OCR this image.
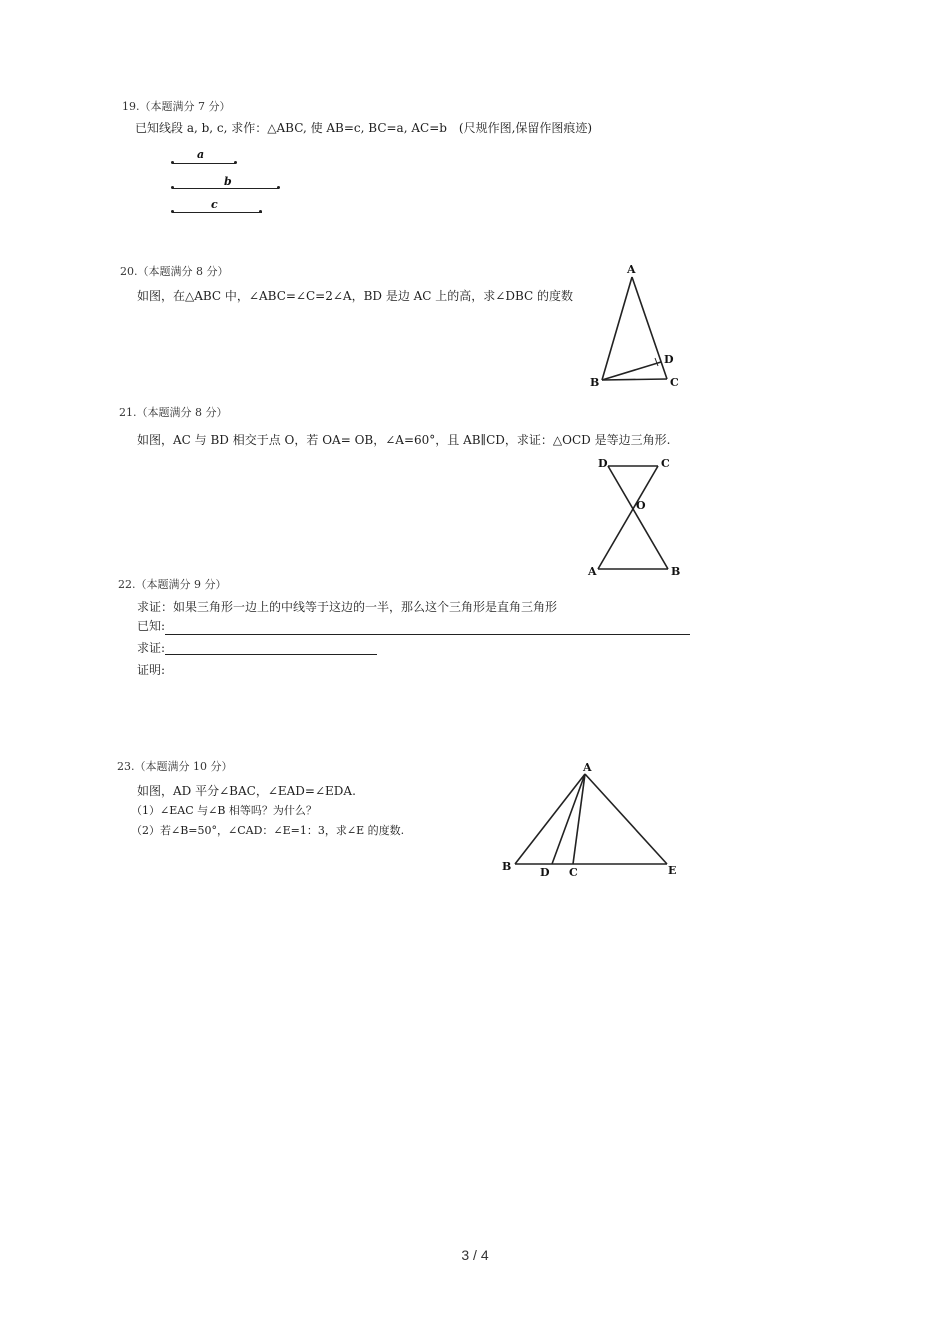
19.（本题满分 7 分）
已知线段 a, b, c, 求作：△ABC, 使 AB=c, BC=a, AC=b　(尺规作图,保留作图痕迹)
a
b
c
20.（本题满分 8 分）
如图，在△ABC 中，∠ABC=∠C=2∠A，BD 是边 AC 上的高，求∠DBC 的度数
A
B	C
D
21.（本题满分 8 分）
如图，AC 与 BD 相交于点 O，若 OA= OB，∠A=60°，且 AB∥CD，求证：△OCD 是等边三角形.
D	C
O
A	B
22.（本题满分 9 分）
求证：如果三角形一边上的中线等于这边的一半，那么这个三角形是直角三角形
已知:
求证:
证明:
23.（本题满分 10 分）
如图，AD 平分∠BAC，∠EAD=∠EDA.
（1）∠EAC 与∠B 相等吗？为什么？
（2）若∠B=50°，∠CAD：∠E=1：3，求∠E 的度数.
A
B	D C	E
3 / 4
